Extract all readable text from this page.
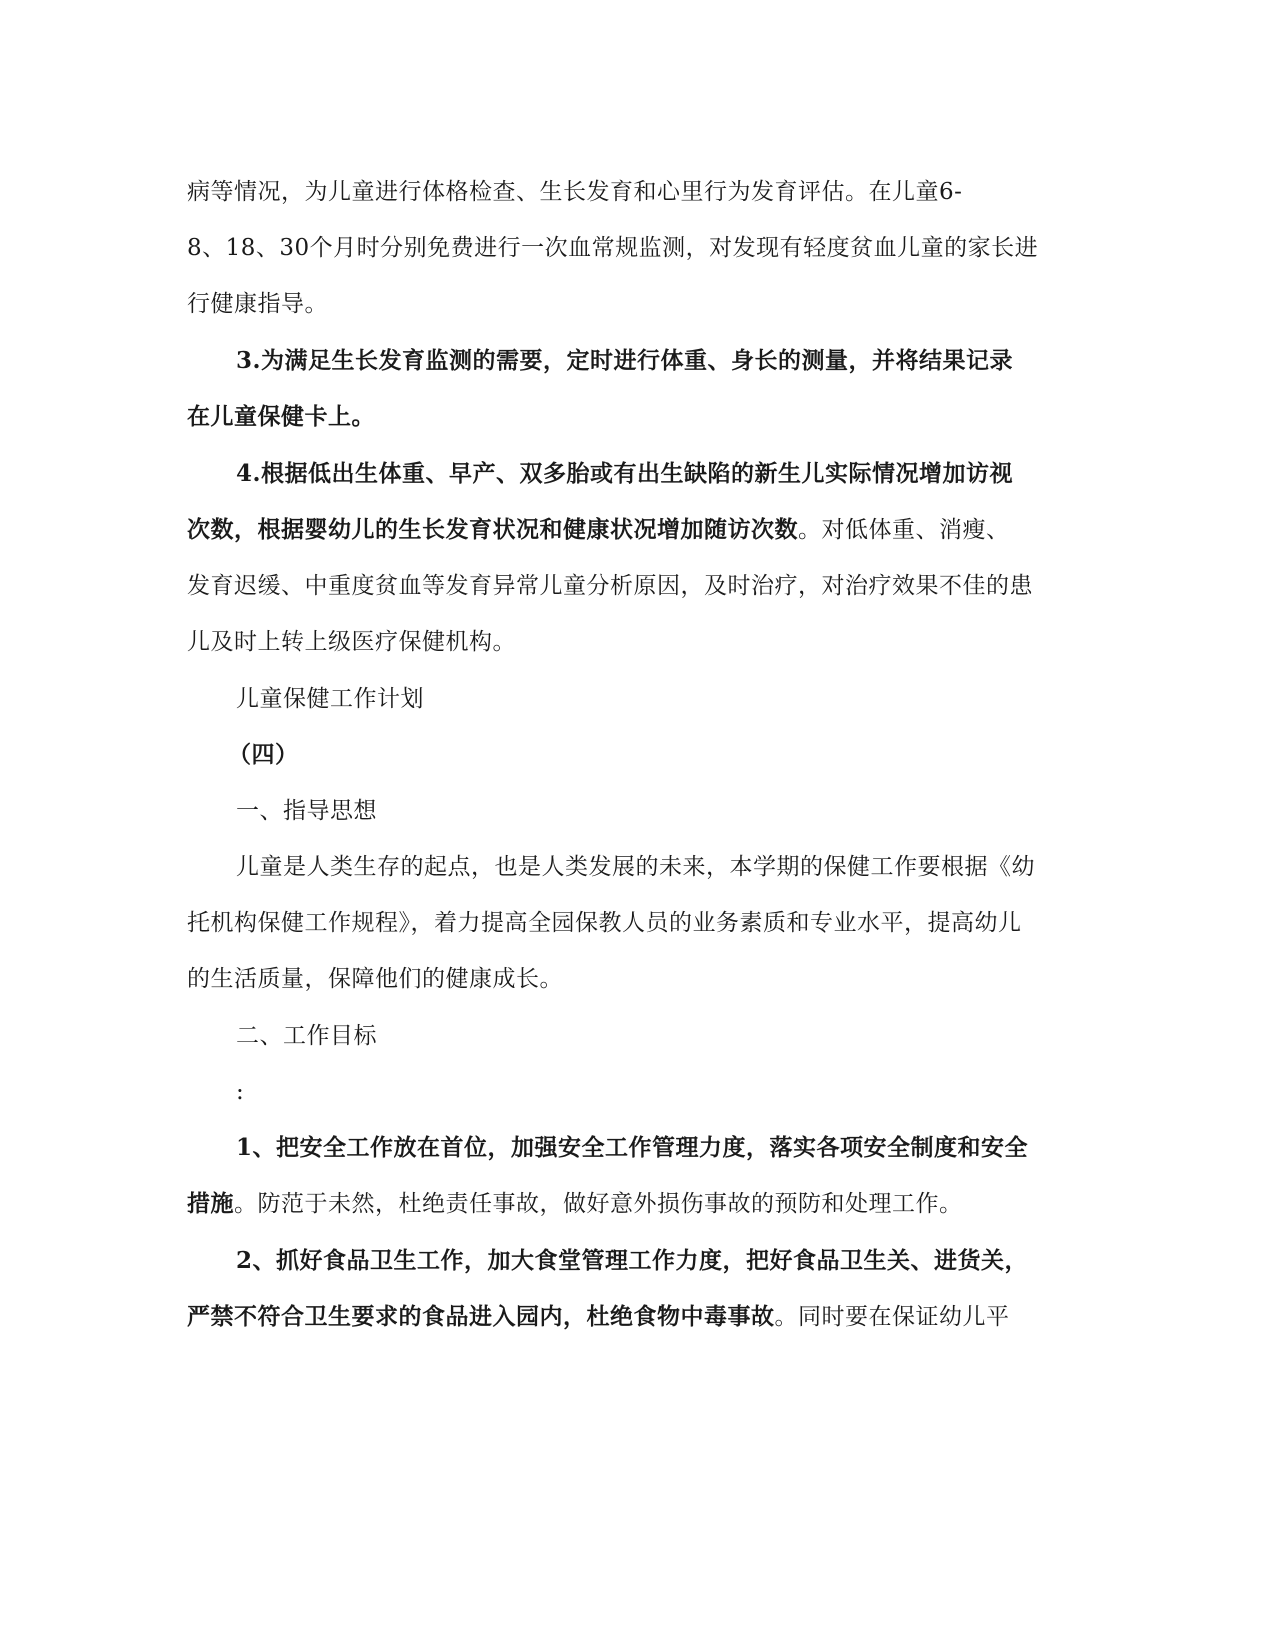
病等情况，为儿童进行体格检查、生长发育和心里行为发育评估。在儿童6-
8、18、30个月时分别免费进行一次血常规监测，对发现有轻度贫血儿童的家长进
行健康指导。
3.为满足生长发育监测的需要，定时进行体重、身长的测量，并将结果记录
在儿童保健卡上。
4.根据低出生体重、早产、双多胎或有出生缺陷的新生儿实际情况增加访视
次数，根据婴幼儿的生长发育状况和健康状况增加随访次数。对低体重、消瘦、
发育迟缓、中重度贫血等发育异常儿童分析原因，及时治疗，对治疗效果不佳的患
儿及时上转上级医疗保健机构。
儿童保健工作计划
（四）
一、指导思想
儿童是人类生存的起点，也是人类发展的未来，本学期的保健工作要根据《幼
托机构保健工作规程》，着力提高全园保教人员的业务素质和专业水平，提高幼儿
的生活质量，保障他们的健康成长。
二、工作目标
:
1、把安全工作放在首位，加强安全工作管理力度，落实各项安全制度和安全
措施。防范于未然，杜绝责任事故，做好意外损伤事故的预防和处理工作。
2、抓好食品卫生工作，加大食堂管理工作力度，把好食品卫生关、进货关，
严禁不符合卫生要求的食品进入园内，杜绝食物中毒事故。同时要在保证幼儿平
